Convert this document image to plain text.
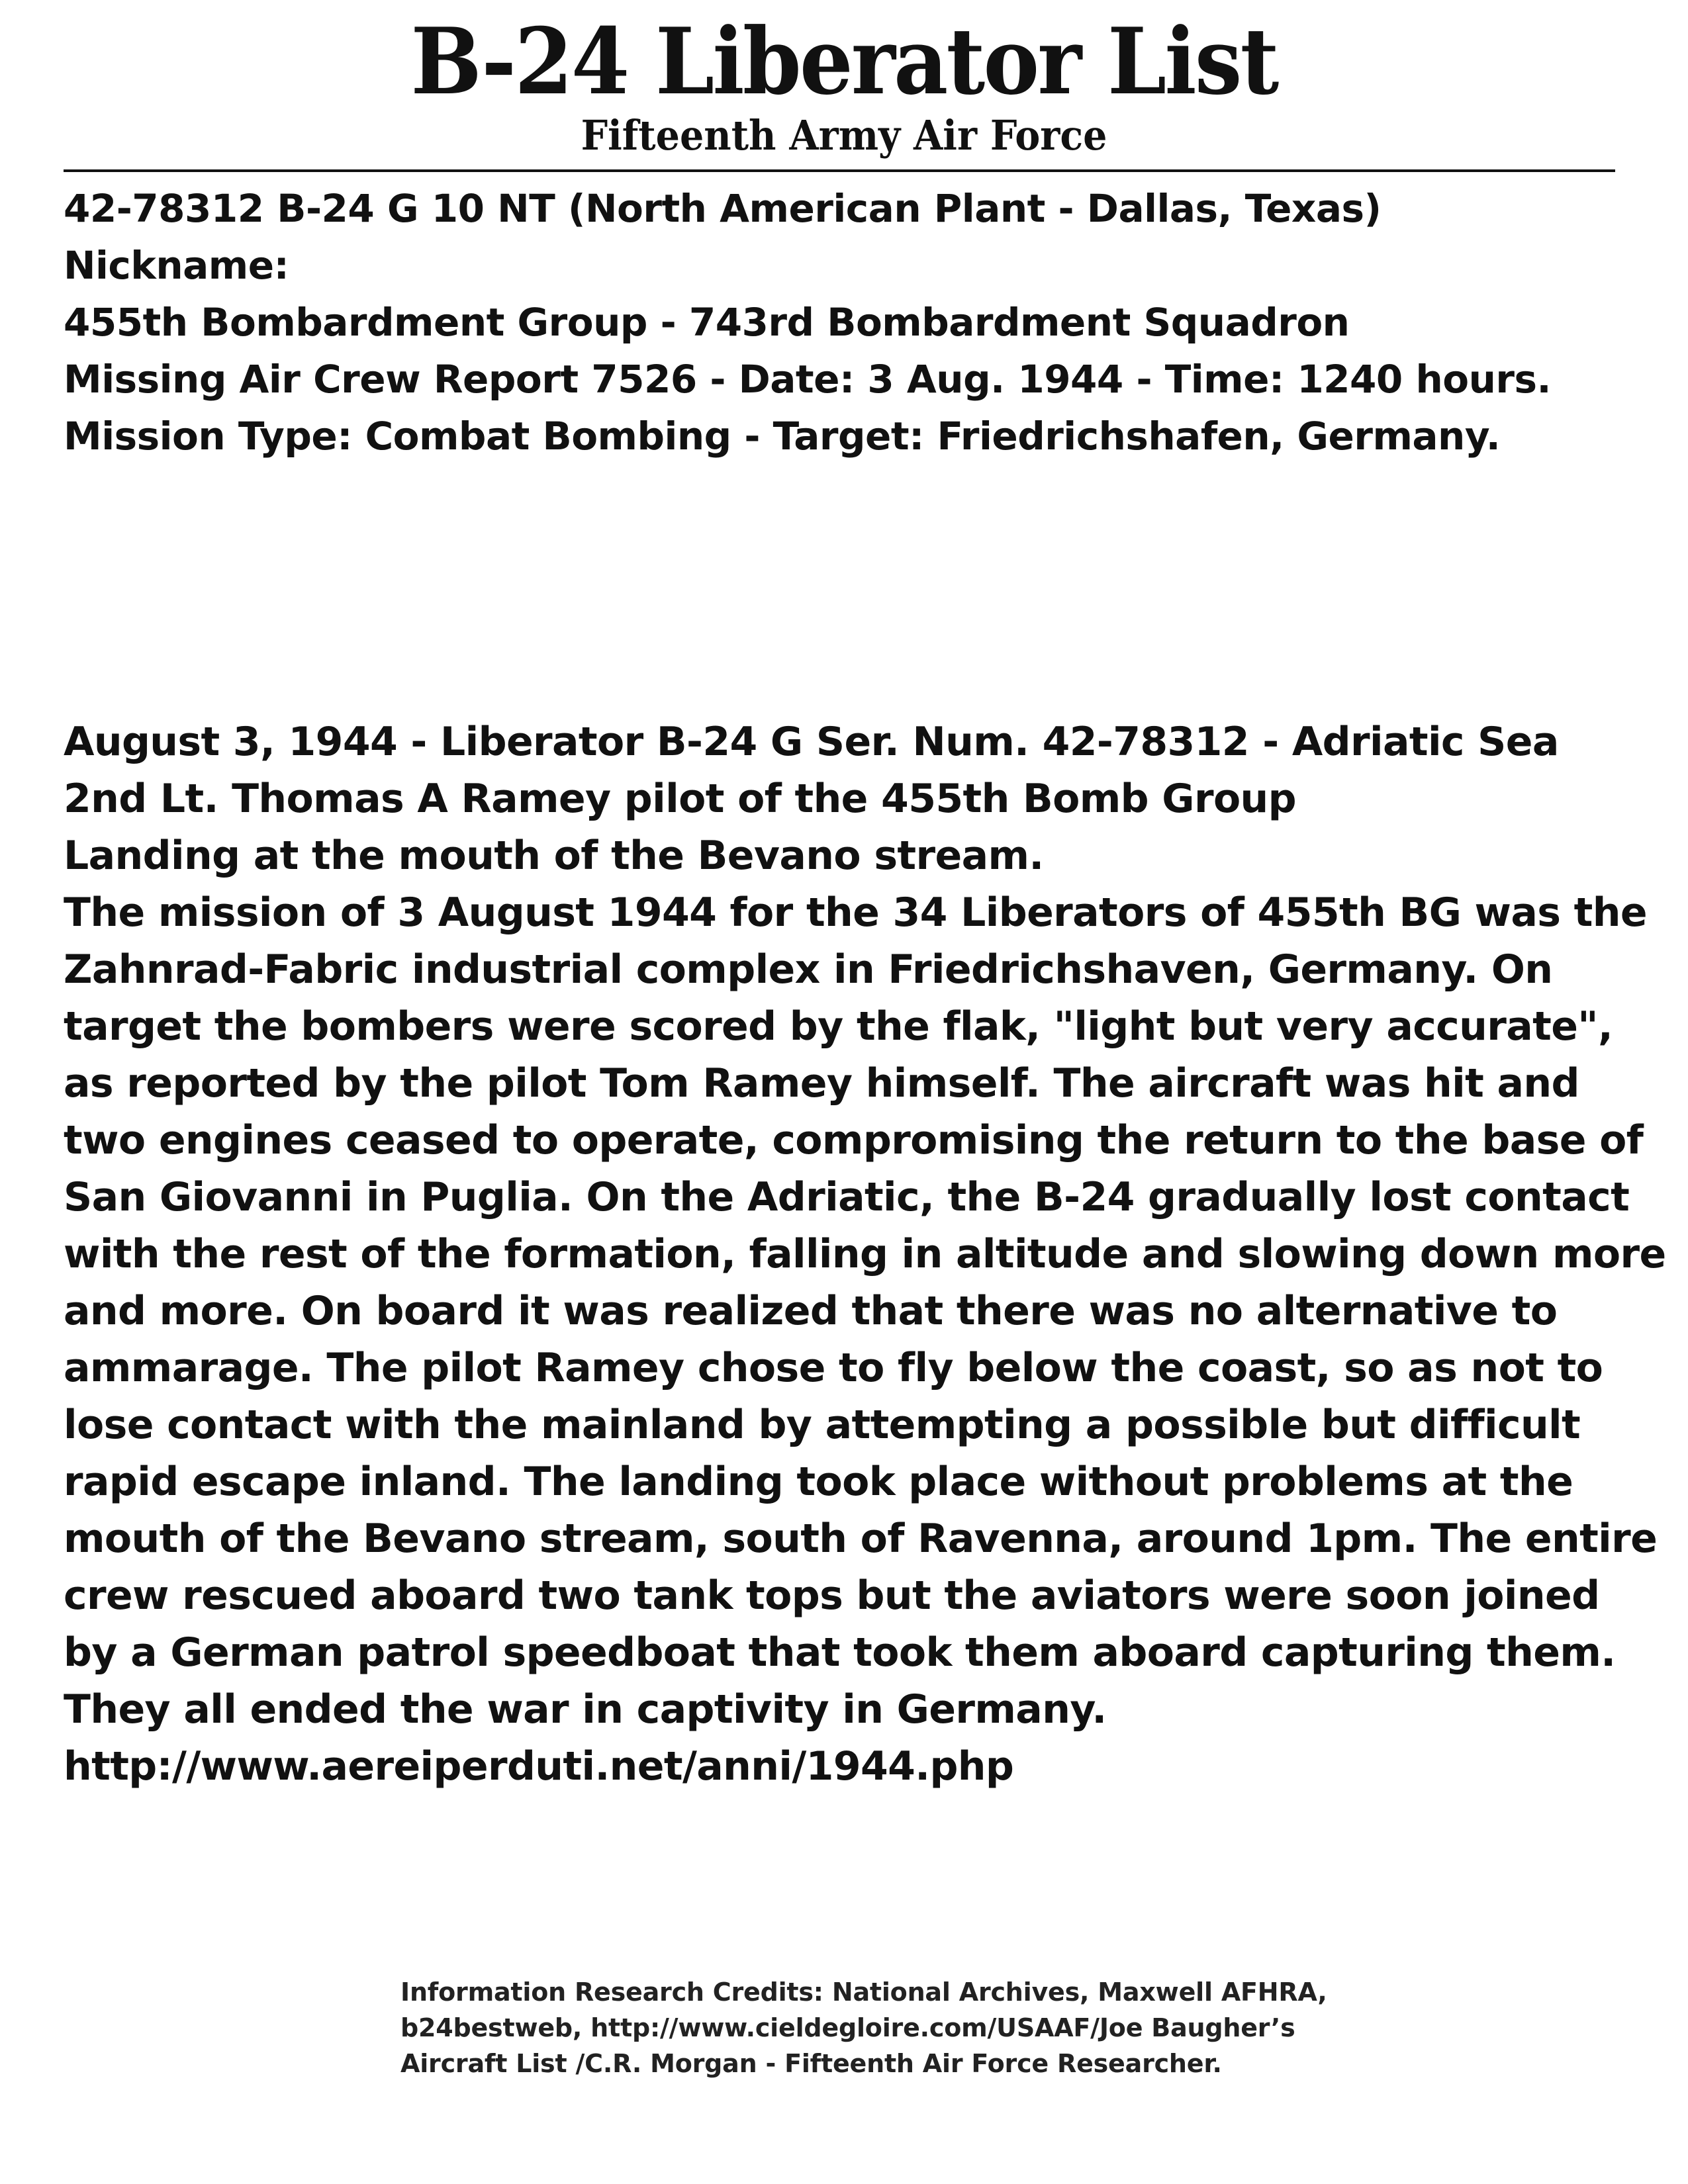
B-24 Liberator List
Fifteenth Army Air Force
42-78312 B-24 G 10 NT (North American Plant - Dallas, Texas)
Nickname:
455th Bombardment Group - 743rd Bombardment Squadron
Missing Air Crew Report 7526 - Date: 3 Aug. 1944 - Time: 1240 hours.
Mission Type: Combat Bombing - Target: Friedrichshafen, Germany.
August 3, 1944 - Liberator B-24 G Ser. Num. 42-78312 - Adriatic Sea
2nd Lt. Thomas A Ramey pilot of the 455th Bomb Group
Landing at the mouth of the Bevano stream.
The mission of 3 August 1944 for the 34 Liberators of 455th BG was the
Zahnrad-Fabric industrial complex in Friedrichshaven, Germany. On
target the bombers were scored by the flak, "light but very accurate",
as reported by the pilot Tom Ramey himself. The aircraft was hit and
two engines ceased to operate, compromising the return to the base of
San Giovanni in Puglia. On the Adriatic, the B-24 gradually lost contact
with the rest of the formation, falling in altitude and slowing down more
and more. On board it was realized that there was no alternative to
ammarage. The pilot Ramey chose to fly below the coast, so as not to
lose contact with the mainland by attempting a possible but difficult
rapid escape inland. The landing took place without problems at the
mouth of the Bevano stream, south of Ravenna, around 1pm. The entire
crew rescued aboard two tank tops but the aviators were soon joined
by a German patrol speedboat that took them aboard capturing them.
They all ended the war in captivity in Germany.
http://www.aereiperduti.net/anni/1944.php
Information Research Credits: National Archives, Maxwell AFHRA,
b24bestweb, http://www.cieldegloire.com/USAAF/Joe Baugher’s
Aircraft List /C.R. Morgan - Fifteenth Air Force Researcher.
